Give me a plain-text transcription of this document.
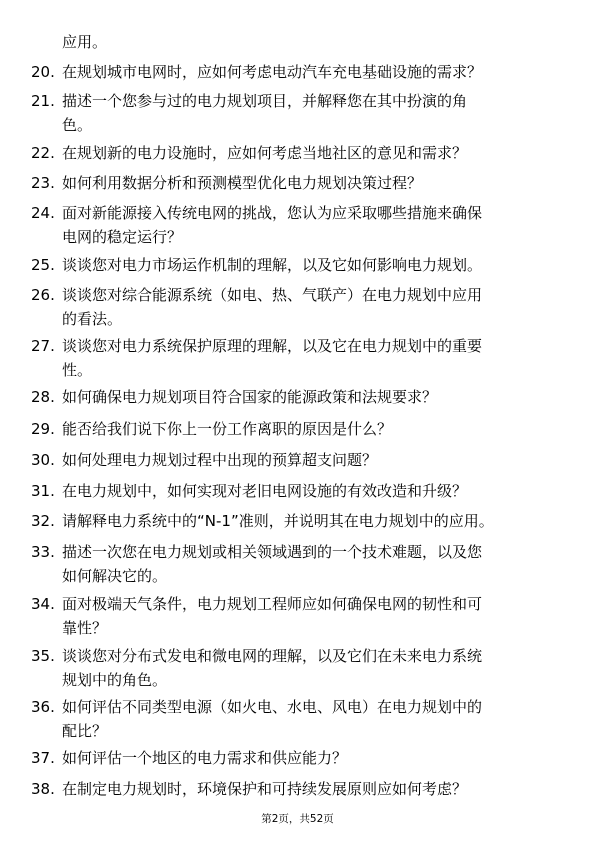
应用。
20. 在规划城市电网时，应如何考虑电动汽车充电基础设施的需求？
21. 描述一个您参与过的电力规划项目，并解释您在其中扮演的角
色。
22. 在规划新的电力设施时，应如何考虑当地社区的意见和需求？
23. 如何利用数据分析和预测模型优化电力规划决策过程？
24. 面对新能源接入传统电网的挑战，您认为应采取哪些措施来确保
电网的稳定运行？
25. 谈谈您对电力市场运作机制的理解，以及它如何影响电力规划。
26. 谈谈您对综合能源系统（如电、热、气联产）在电力规划中应用
的看法。
27. 谈谈您对电力系统保护原理的理解，以及它在电力规划中的重要
性。
28. 如何确保电力规划项目符合国家的能源政策和法规要求？
29. 能否给我们说下你上一份工作离职的原因是什么？
30. 如何处理电力规划过程中出现的预算超支问题？
31. 在电力规划中，如何实现对老旧电网设施的有效改造和升级？
32. 请解释电力系统中的“N-1”准则，并说明其在电力规划中的应用。
33. 描述一次您在电力规划或相关领域遇到的一个技术难题，以及您
如何解决它的。
34. 面对极端天气条件，电力规划工程师应如何确保电网的韧性和可
靠性？
35. 谈谈您对分布式发电和微电网的理解，以及它们在未来电力系统
规划中的角色。
36. 如何评估不同类型电源（如火电、水电、风电）在电力规划中的
配比？
37. 如何评估一个地区的电力需求和供应能力？
38. 在制定电力规划时，环境保护和可持续发展原则应如何考虑？
第2页，共52页
